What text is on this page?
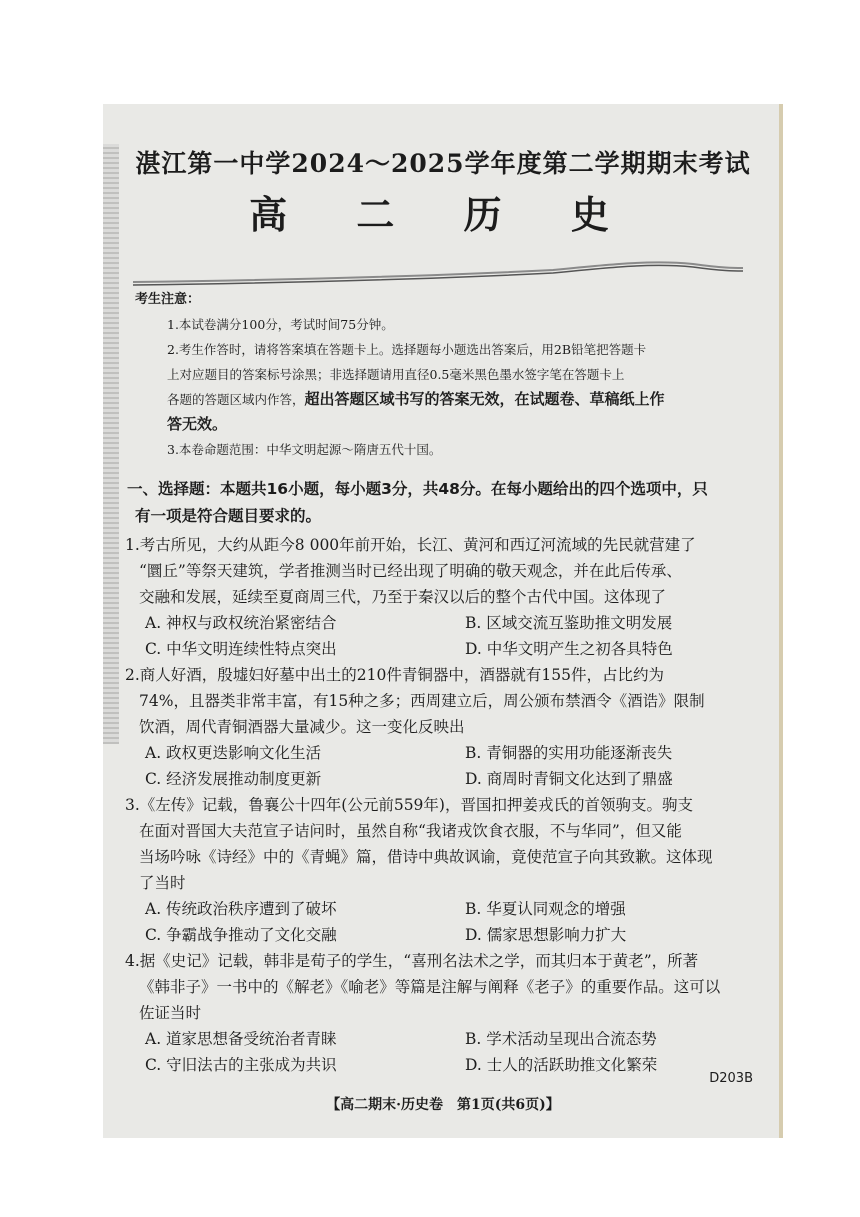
湛江第一中学2024～2025学年度第二学期期末考试
高 二 历 史
考生注意：
1.本试卷满分100分，考试时间75分钟。
2.考生作答时，请将答案填在答题卡上。选择题每小题选出答案后，用2B铅笔把答题卡
上对应题目的答案标号涂黑；非选择题请用直径0.5毫米黑色墨水签字笔在答题卡上
各题的答题区域内作答，超出答题区域书写的答案无效，在试题卷、草稿纸上作
答无效。
3.本卷命题范围：中华文明起源～隋唐五代十国。
一、选择题：本题共16小题，每小题3分，共48分。在每小题给出的四个选项中，只
有一项是符合题目要求的。
1.考古所见，大约从距今8 000年前开始，长江、黄河和西辽河流域的先民就营建了
“圜丘”等祭天建筑，学者推测当时已经出现了明确的敬天观念，并在此后传承、
交融和发展，延续至夏商周三代，乃至于秦汉以后的整个古代中国。这体现了
A. 神权与政权统治紧密结合	B. 区域交流互鉴助推文明发展
C. 中华文明连续性特点突出	D. 中华文明产生之初各具特色
2.商人好酒，殷墟妇好墓中出土的210件青铜器中，酒器就有155件，占比约为
74%，且器类非常丰富，有15种之多；西周建立后，周公颁布禁酒令《酒诰》限制
饮酒，周代青铜酒器大量减少。这一变化反映出
A. 政权更迭影响文化生活	B. 青铜器的实用功能逐渐丧失
C. 经济发展推动制度更新	D. 商周时青铜文化达到了鼎盛
3.《左传》记载，鲁襄公十四年(公元前559年)，晋国扣押姜戎氏的首领驹支。驹支
在面对晋国大夫范宣子诘问时，虽然自称“我诸戎饮食衣服，不与华同”，但又能
当场吟咏《诗经》中的《青蝇》篇，借诗中典故讽谕，竟使范宣子向其致歉。这体现
了当时
A. 传统政治秩序遭到了破坏	B. 华夏认同观念的增强
C. 争霸战争推动了文化交融	D. 儒家思想影响力扩大
4.据《史记》记载，韩非是荀子的学生，“喜刑名法术之学，而其归本于黄老”，所著
《韩非子》一书中的《解老》《喻老》等篇是注解与阐释《老子》的重要作品。这可以
佐证当时
A. 道家思想备受统治者青睐	B. 学术活动呈现出合流态势
C. 守旧法古的主张成为共识	D. 士人的活跃助推文化繁荣
D203B
【高二期末·历史卷　第1页(共6页)】
